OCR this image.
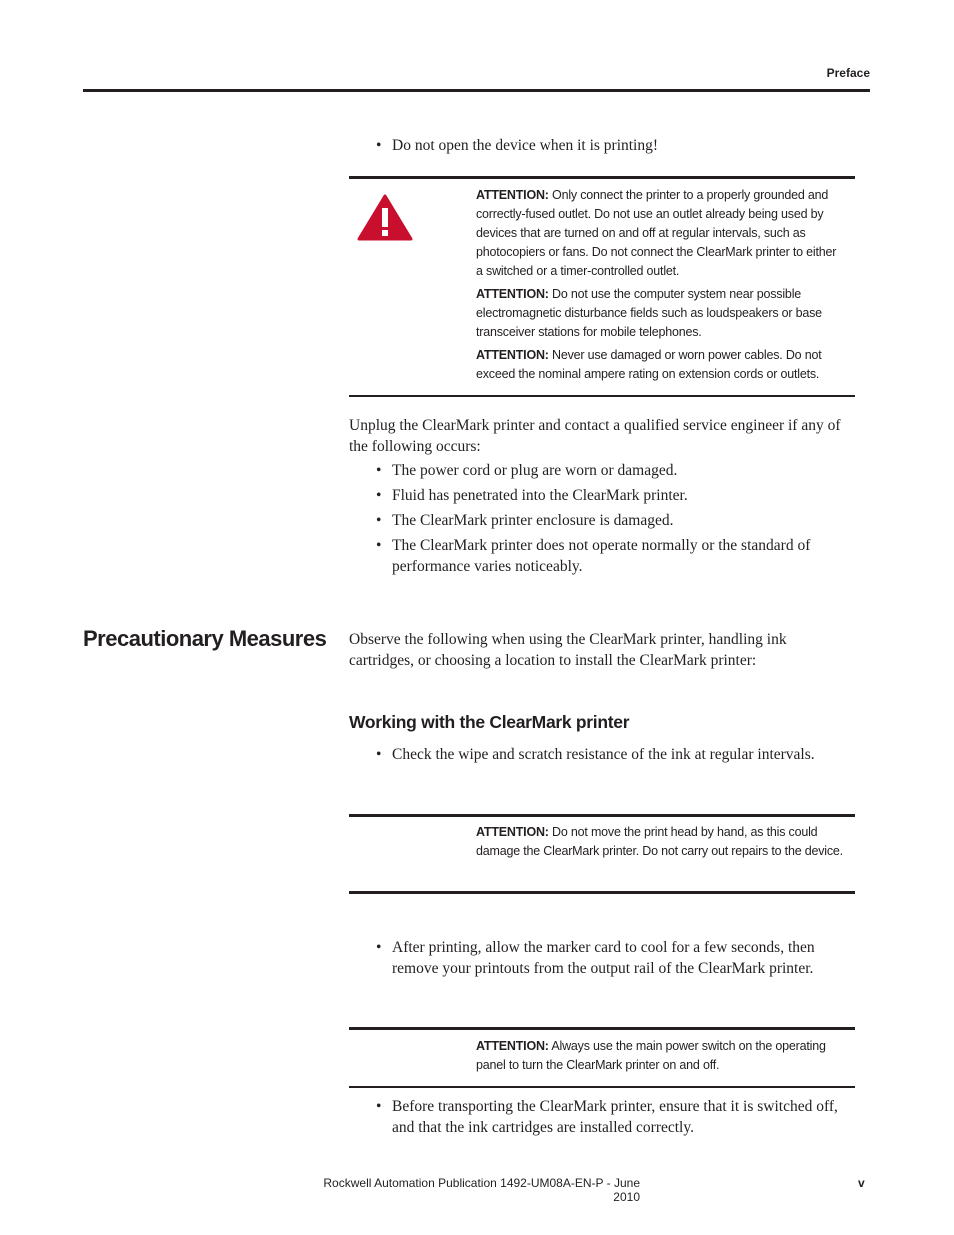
Preface
• Do not open the device when it is printing!

ATTENTION: Only connect the printer to a properly grounded and correctly-fused outlet. Do not use an outlet already being used by devices that are turned on and off at regular intervals, such as photocopiers or fans. Do not connect the ClearMark printer to either a switched or a timer-controlled outlet.

ATTENTION: Do not use the computer system near possible electromagnetic disturbance fields such as loudspeakers or base transceiver stations for mobile telephones.

ATTENTION: Never use damaged or worn power cables. Do not exceed the nominal ampere rating on extension cords or outlets.

Unplug the ClearMark printer and contact a qualified service engineer if any of the following occurs:
• The power cord or plug are worn or damaged.
• Fluid has penetrated into the ClearMark printer.
• The ClearMark printer enclosure is damaged.
• The ClearMark printer does not operate normally or the standard of performance varies noticeably.
Precautionary Measures Observe the following when using the ClearMark printer, handling ink cartridges, or choosing a location to install the ClearMark printer:
Working with the ClearMark printer
• Check the wipe and scratch resistance of the ink at regular intervals.

ATTENTION: Do not move the print head by hand, as this could damage the ClearMark printer. Do not carry out repairs to the device.

• After printing, allow the marker card to cool for a few seconds, then remove your printouts from the output rail of the ClearMark printer.

ATTENTION: Always use the main power switch on the operating panel to turn the ClearMark printer on and off.

• Before transporting the ClearMark printer, ensure that it is switched off, and that the ink cartridges are installed correctly.
Rockwell Automation Publication 1492-UM08A-EN-P - June 2010
v
